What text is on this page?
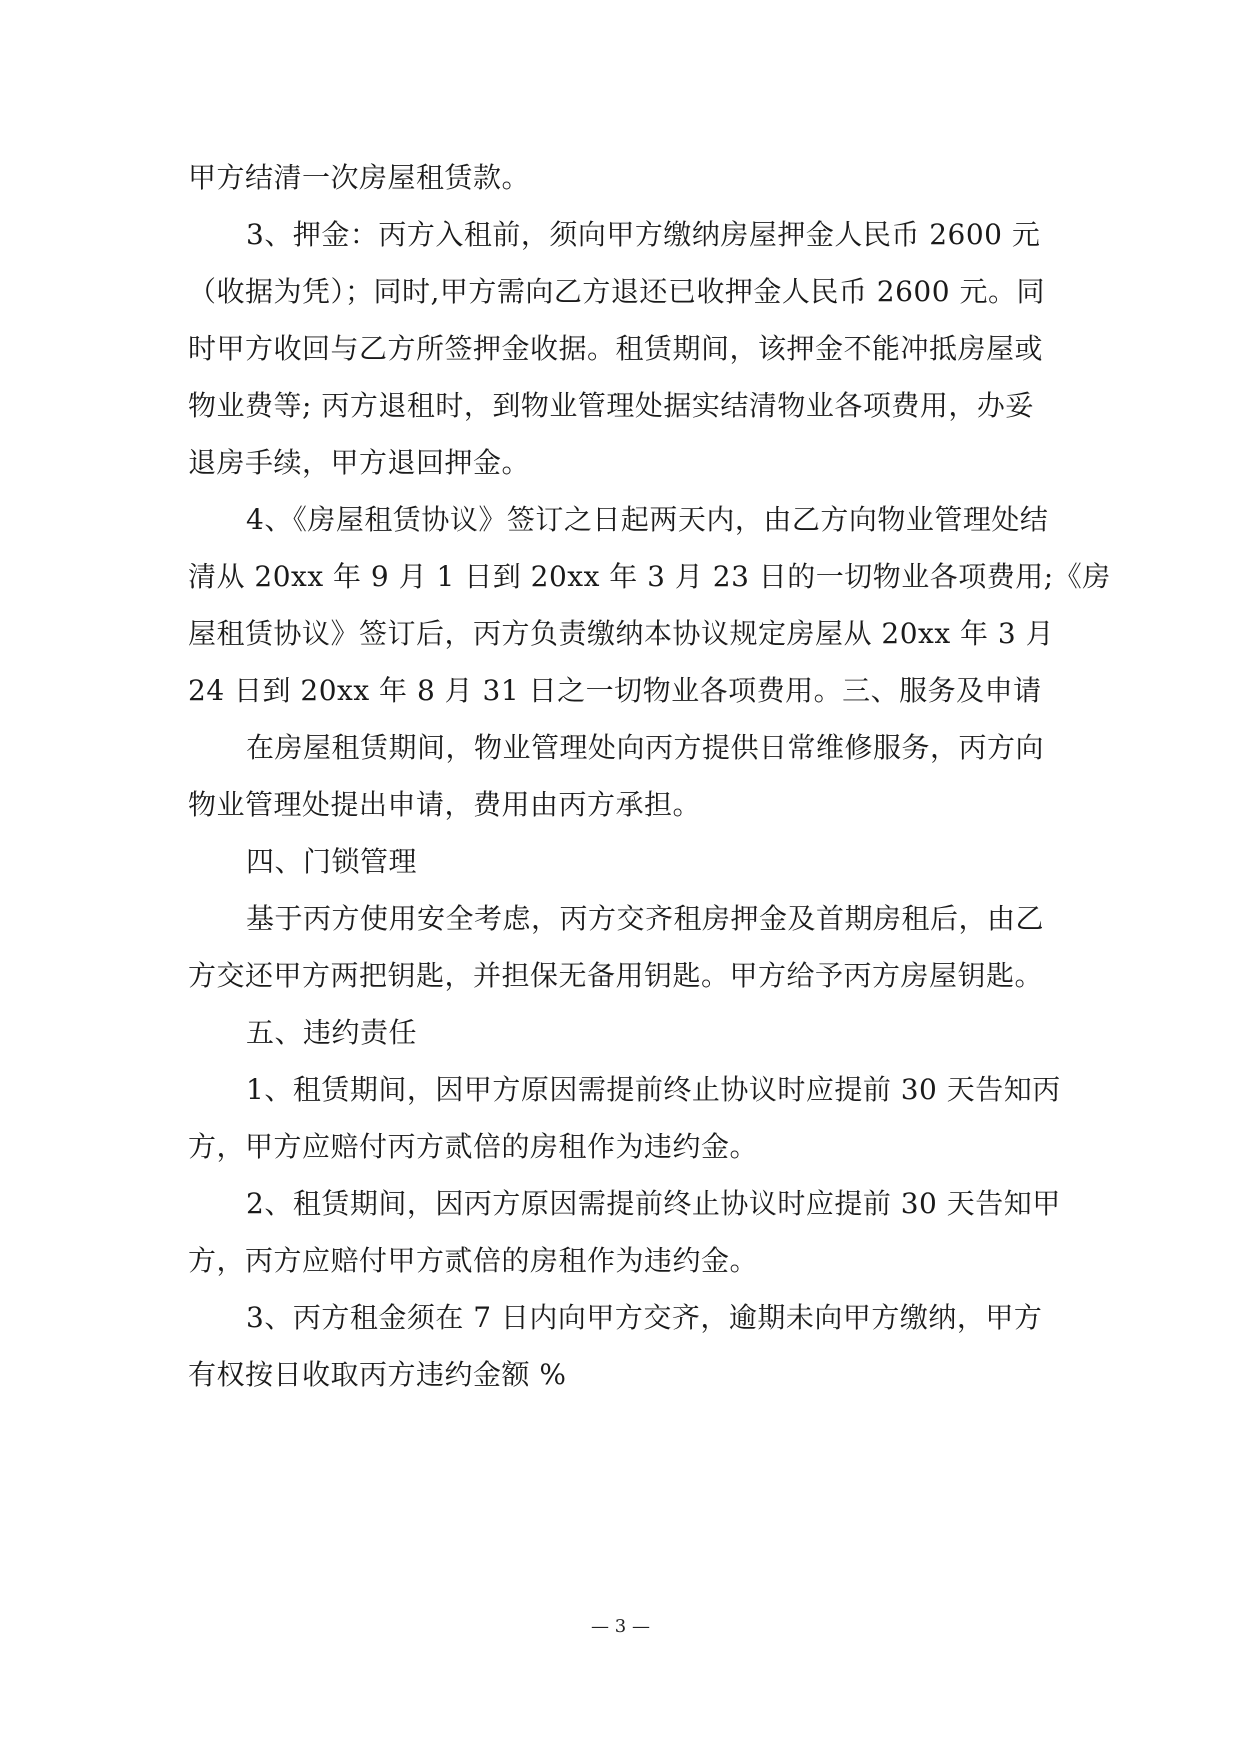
甲方结清一次房屋租赁款。
3、押金：丙方入租前，须向甲方缴纳房屋押金人民币 2600 元
（收据为凭）；同时,甲方需向乙方退还已收押金人民币 2600 元。同
时甲方收回与乙方所签押金收据。租赁期间，该押金不能冲抵房屋或
物业费等; 丙方退租时，到物业管理处据实结清物业各项费用，办妥
退房手续，甲方退回押金。
4、《房屋租赁协议》签订之日起两天内，由乙方向物业管理处结
清从 20xx 年 9 月 1 日到 20xx 年 3 月 23 日的一切物业各项费用;《房
屋租赁协议》签订后，丙方负责缴纳本协议规定房屋从 20xx 年 3 月
24 日到 20xx 年 8 月 31 日之一切物业各项费用。三、服务及申请
在房屋租赁期间，物业管理处向丙方提供日常维修服务，丙方向
物业管理处提出申请，费用由丙方承担。
四、门锁管理
基于丙方使用安全考虑，丙方交齐租房押金及首期房租后，由乙
方交还甲方两把钥匙，并担保无备用钥匙。甲方给予丙方房屋钥匙。
五、违约责任
1、租赁期间，因甲方原因需提前终止协议时应提前 30 天告知丙
方，甲方应赔付丙方贰倍的房租作为违约金。
2、租赁期间，因丙方原因需提前终止协议时应提前 30 天告知甲
方，丙方应赔付甲方贰倍的房租作为违约金。
3、丙方租金须在 7 日内向甲方交齐，逾期未向甲方缴纳，甲方
有权按日收取丙方违约金额 %
— 3 —
